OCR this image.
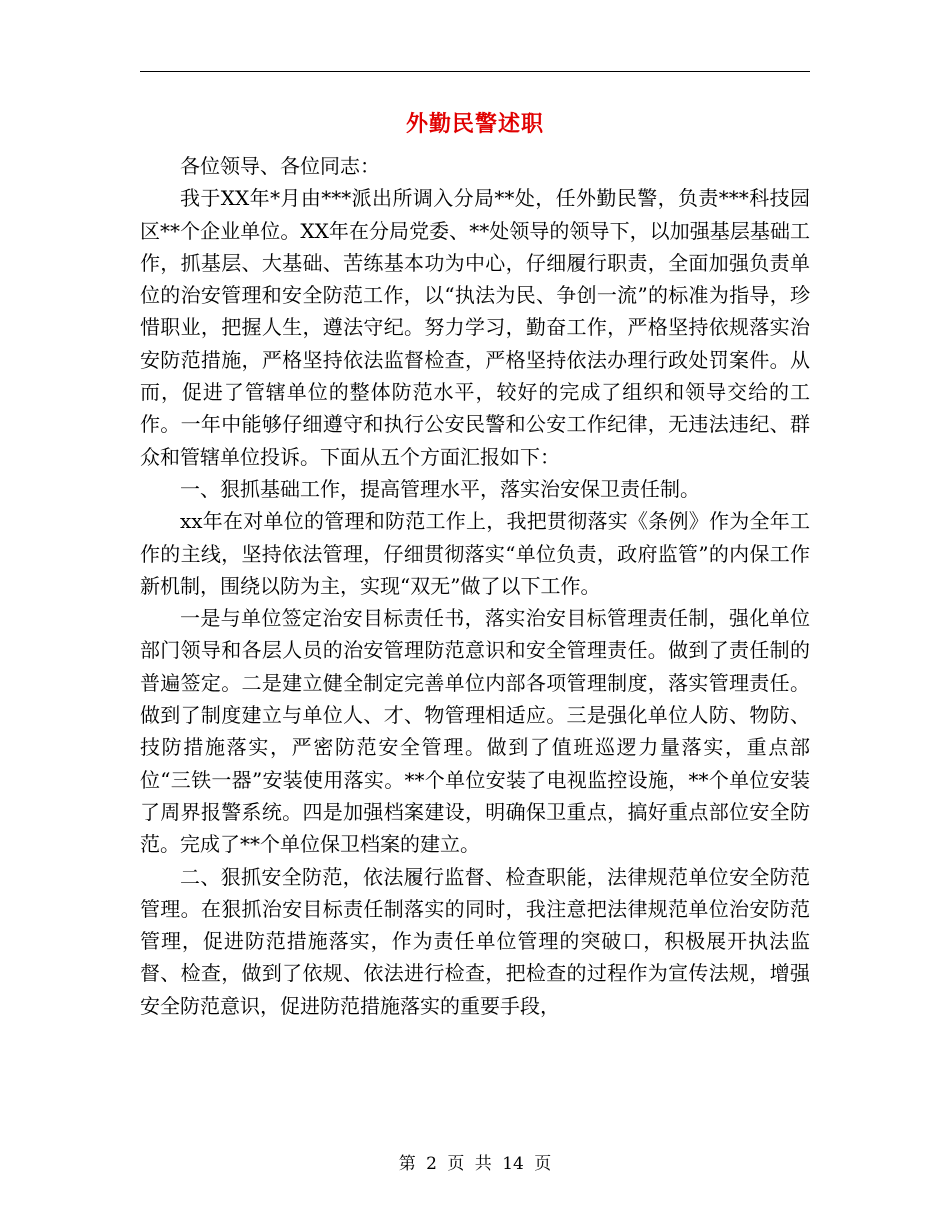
外勤民警述职

各位领导、各位同志：

我于XX年*月由***派出所调入分局**处，任外勤民警，负责***科技园区**个企业单位。XX年在分局党委、**处领导的领导下，以加强基层基础工作，抓基层、大基础、苦练基本功为中心，仔细履行职责，全面加强负责单位的治安管理和安全防范工作，以“执法为民、争创一流”的标准为指导，珍惜职业，把握人生，遵法守纪。努力学习，勤奋工作，严格坚持依规落实治安防范措施，严格坚持依法监督检查，严格坚持依法办理行政处罚案件。从而，促进了管辖单位的整体防范水平，较好的完成了组织和领导交给的工作。一年中能够仔细遵守和执行公安民警和公安工作纪律，无违法违纪、群众和管辖单位投诉。下面从五个方面汇报如下：

一、狠抓基础工作，提高管理水平，落实治安保卫责任制。

xx年在对单位的管理和防范工作上，我把贯彻落实《条例》作为全年工作的主线，坚持依法管理，仔细贯彻落实“单位负责，政府监管”的内保工作新机制，围绕以防为主，实现“双无”做了以下工作。

一是与单位签定治安目标责任书，落实治安目标管理责任制，强化单位部门领导和各层人员的治安管理防范意识和安全管理责任。做到了责任制的普遍签定。二是建立健全制定完善单位内部各项管理制度，落实管理责任。做到了制度建立与单位人、才、物管理相适应。三是强化单位人防、物防、技防措施落实，严密防范安全管理。做到了值班巡逻力量落实，重点部位“三铁一器”安装使用落实。**个单位安装了电视监控设施，**个单位安装了周界报警系统。四是加强档案建设，明确保卫重点，搞好重点部位安全防范。完成了**个单位保卫档案的建立。

二、狠抓安全防范，依法履行监督、检查职能，法律规范单位安全防范管理。在狠抓治安目标责任制落实的同时，我注意把法律规范单位治安防范管理，促进防范措施落实，作为责任单位管理的突破口，积极展开执法监督、检查，做到了依规、依法进行检查，把检查的过程作为宣传法规，增强安全防范意识，促进防范措施落实的重要手段，

第 2 页 共 14 页
